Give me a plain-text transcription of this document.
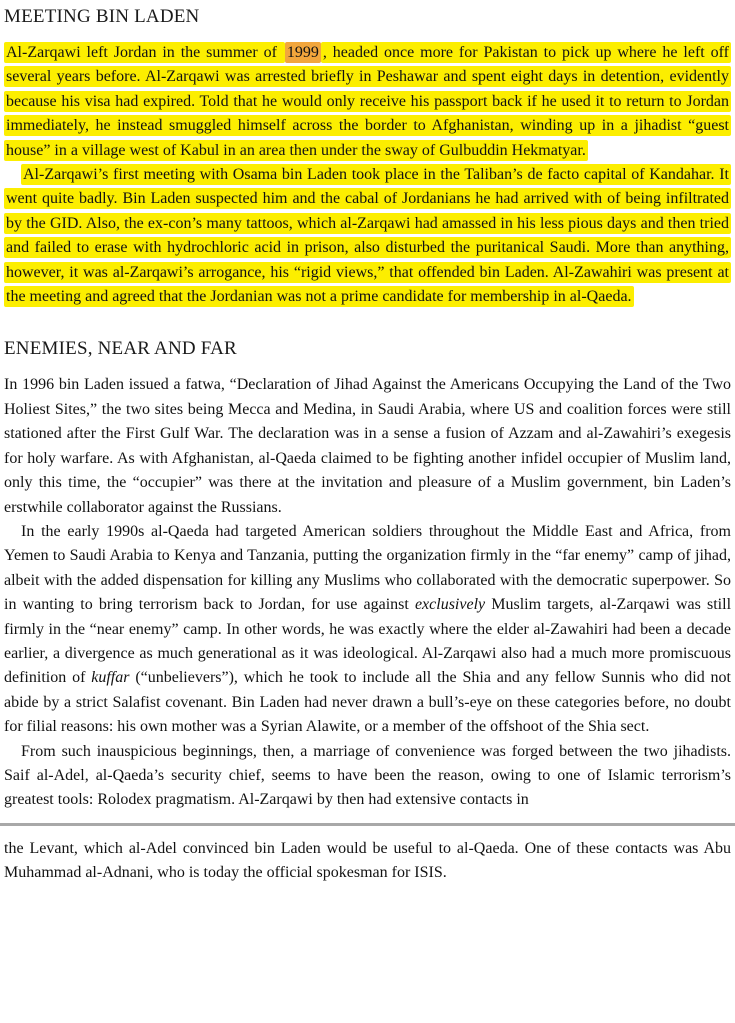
MEETING BIN LADEN

Al-Zarqawi left Jordan in the summer of 1999 , headed once more for Pakistan to pick up where he left off several years before. Al-Zarqawi was arrested briefly in Peshawar and spent eight days in detention, evidently because his visa had expired. Told that he would only receive his passport back if he used it to return to Jordan immediately, he instead smuggled himself across the border to Afghanistan, winding up in a jihadist “guest house” in a village west of Kabul in an area then under the sway of Gulbuddin Hekmatyar.

Al-Zarqawi’s first meeting with Osama bin Laden took place in the Taliban’s de facto capital of Kandahar. It went quite badly. Bin Laden suspected him and the cabal of Jordanians he had arrived with of being infiltrated by the GID. Also, the ex-con’s many tattoos, which al-Zarqawi had amassed in his less pious days and then tried and failed to erase with hydrochloric acid in prison, also disturbed the puritanical Saudi. More than anything, however, it was al-Zarqawi’s arrogance, his “rigid views,” that offended bin Laden. Al-Zawahiri was present at the meeting and agreed that the Jordanian was not a prime candidate for membership in al-Qaeda.

ENEMIES, NEAR AND FAR

In 1996 bin Laden issued a fatwa, “Declaration of Jihad Against the Americans Occupying the Land of the Two Holiest Sites,” the two sites being Mecca and Medina, in Saudi Arabia, where US and coalition forces were still stationed after the First Gulf War. The declaration was in a sense a fusion of Azzam and al-Zawahiri’s exegesis for holy warfare. As with Afghanistan, al-Qaeda claimed to be fighting another infidel occupier of Muslim land, only this time, the “occupier” was there at the invitation and pleasure of a Muslim government, bin Laden’s erstwhile collaborator against the Russians.

In the early 1990s al-Qaeda had targeted American soldiers throughout the Middle East and Africa, from Yemen to Saudi Arabia to Kenya and Tanzania, putting the organization firmly in the “far enemy” camp of jihad, albeit with the added dispensation for killing any Muslims who collaborated with the democratic superpower. So in wanting to bring terrorism back to Jordan, for use against exclusively Muslim targets, al-Zarqawi was still firmly in the “near enemy” camp. In other words, he was exactly where the elder al-Zawahiri had been a decade earlier, a divergence as much generational as it was ideological. Al-Zarqawi also had a much more promiscuous definition of kuffar (“unbelievers”), which he took to include all the Shia and any fellow Sunnis who did not abide by a strict Salafist covenant. Bin Laden had never drawn a bull’s-eye on these categories before, no doubt for filial reasons: his own mother was a Syrian Alawite, or a member of the offshoot of the Shia sect.

From such inauspicious beginnings, then, a marriage of convenience was forged between the two jihadists. Saif al-Adel, al-Qaeda’s security chief, seems to have been the reason, owing to one of Islamic terrorism’s greatest tools: Rolodex pragmatism. Al-Zarqawi by then had extensive contacts in

the Levant, which al-Adel convinced bin Laden would be useful to al-Qaeda. One of these contacts was Abu Muhammad al-Adnani, who is today the official spokesman for ISIS.
